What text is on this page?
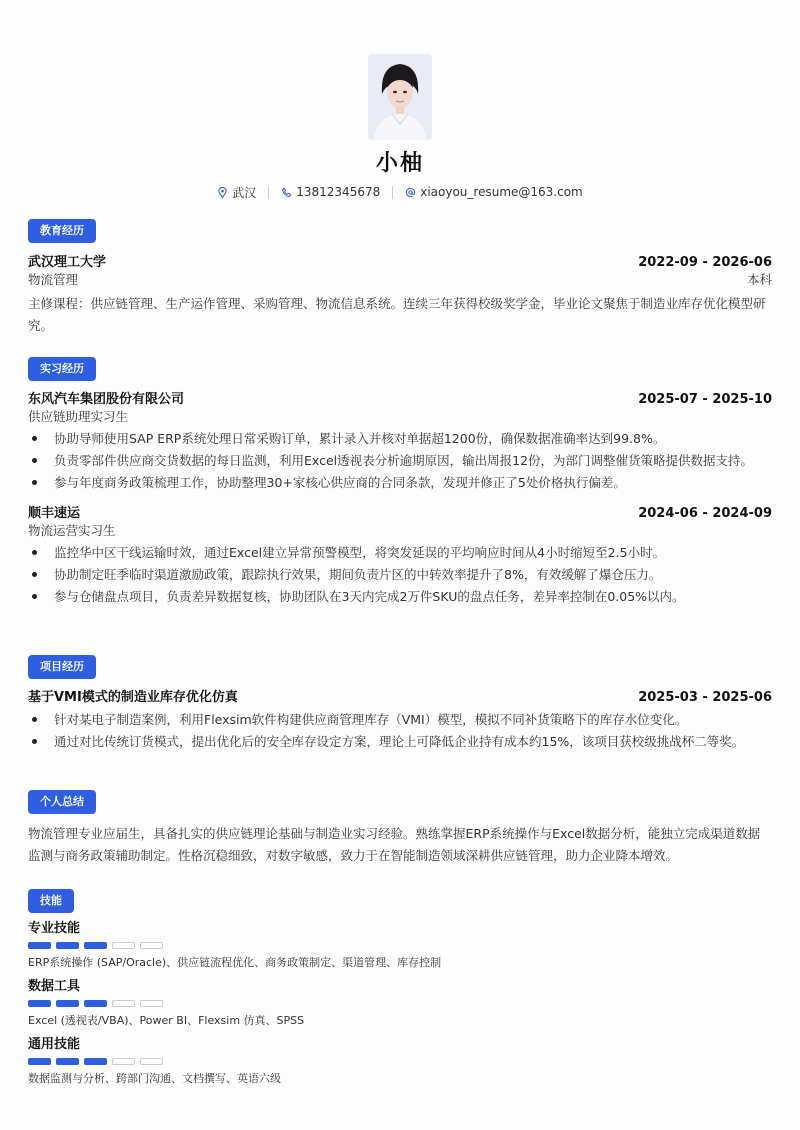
小柚
武汉	13812345678	xiaoyou_resume@163.com
教育经历
武汉理工大学	2022-09 - 2026-06
物流管理	本科
主修课程：供应链管理、生产运作管理、采购管理、物流信息系统。连续三年获得校级奖学金，毕业论文聚焦于制造业库存优化模型研究。
实习经历
东风汽车集团股份有限公司	2025-07 - 2025-10
供应链助理实习生
协助导师使用SAP ERP系统处理日常采购订单，累计录入并核对单据超1200份，确保数据准确率达到99.8%。
负责零部件供应商交货数据的每日监测，利用Excel透视表分析逾期原因，输出周报12份，为部门调整催货策略提供数据支持。
参与年度商务政策梳理工作，协助整理30+家核心供应商的合同条款，发现并修正了5处价格执行偏差。
顺丰速运	2024-06 - 2024-09
物流运营实习生
监控华中区干线运输时效，通过Excel建立异常预警模型，将突发延误的平均响应时间从4小时缩短至2.5小时。
协助制定旺季临时渠道激励政策，跟踪执行效果，期间负责片区的中转效率提升了8%，有效缓解了爆仓压力。
参与仓储盘点项目，负责差异数据复核，协助团队在3天内完成2万件SKU的盘点任务，差异率控制在0.05%以内。
项目经历
基于VMI模式的制造业库存优化仿真	2025-03 - 2025-06
针对某电子制造案例，利用Flexsim软件构建供应商管理库存（VMI）模型，模拟不同补货策略下的库存水位变化。
通过对比传统订货模式，提出优化后的安全库存设定方案，理论上可降低企业持有成本约15%，该项目获校级挑战杯二等奖。
个人总结
物流管理专业应届生，具备扎实的供应链理论基础与制造业实习经验。熟练掌握ERP系统操作与Excel数据分析，能独立完成渠道数据监测与商务政策辅助制定。性格沉稳细致，对数字敏感，致力于在智能制造领域深耕供应链管理，助力企业降本增效。
技能
专业技能
ERP系统操作 (SAP/Oracle)、供应链流程优化、商务政策制定、渠道管理、库存控制
数据工具
Excel (透视表/VBA)、Power BI、Flexsim 仿真、SPSS
通用技能
数据监测与分析、跨部门沟通、文档撰写、英语六级
